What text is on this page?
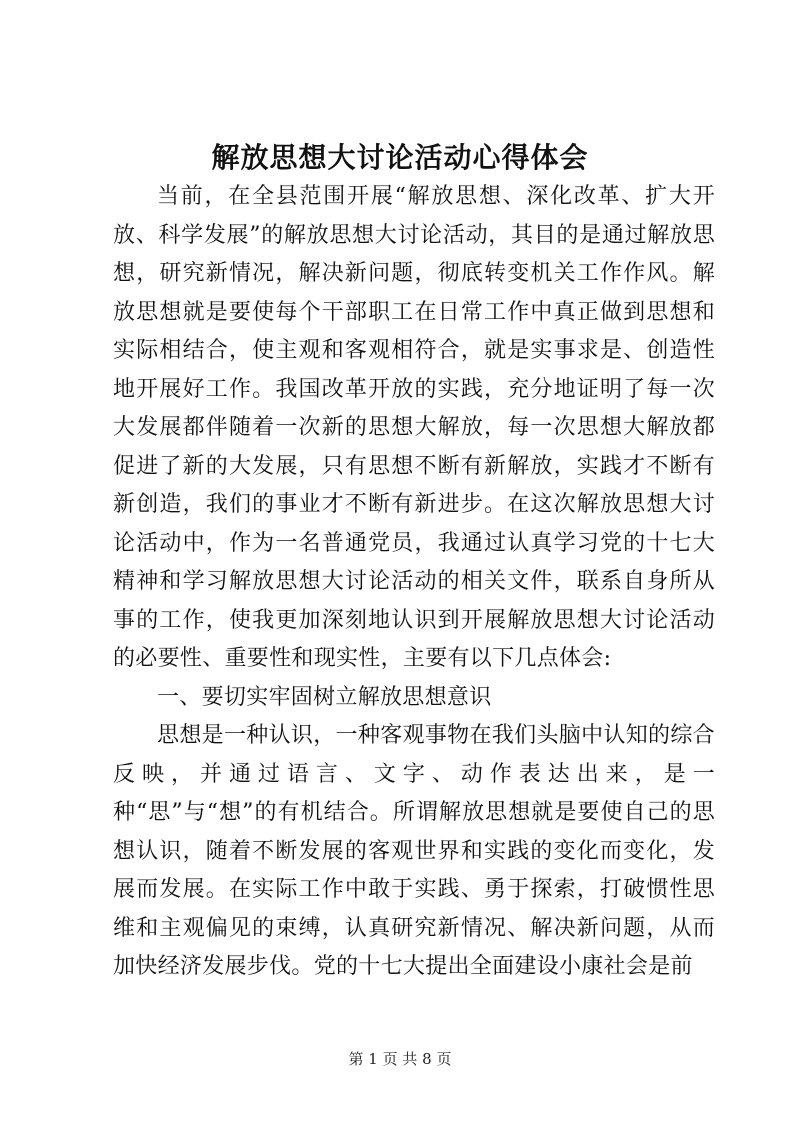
解放思想大讨论活动心得体会

当前，在全县范围开展“解放思想、深化改革、扩大开放、科学发展”的解放思想大讨论活动，其目的是通过解放思想，研究新情况，解决新问题，彻底转变机关工作作风。解放思想就是要使每个干部职工在日常工作中真正做到思想和实际相结合，使主观和客观相符合，就是实事求是、创造性地开展好工作。我国改革开放的实践，充分地证明了每一次大发展都伴随着一次新的思想大解放，每一次思想大解放都促进了新的大发展，只有思想不断有新解放，实践才不断有新创造，我们的事业才不断有新进步。在这次解放思想大讨论活动中，作为一名普通党员，我通过认真学习党的十七大精神和学习解放思想大讨论活动的相关文件，联系自身所从事的工作，使我更加深刻地认识到开展解放思想大讨论活动的必要性、重要性和现实性，主要有以下几点体会:

一、要切实牢固树立解放思想意识

思想是一种认识，一种客观事物在我们头脑中认知的综合反映，并通过语言、文字、动作表达出来，是一种“思”与“想”的有机结合。所谓解放思想就是要使自己的思想认识，随着不断发展的客观世界和实践的变化而变化，发展而发展。在实际工作中敢于实践、勇于探索，打破惯性思维和主观偏见的束缚，认真研究新情况、解决新问题，从而加快经济发展步伐。党的十七大提出全面建设小康社会是前

第 1 页 共 8 页
